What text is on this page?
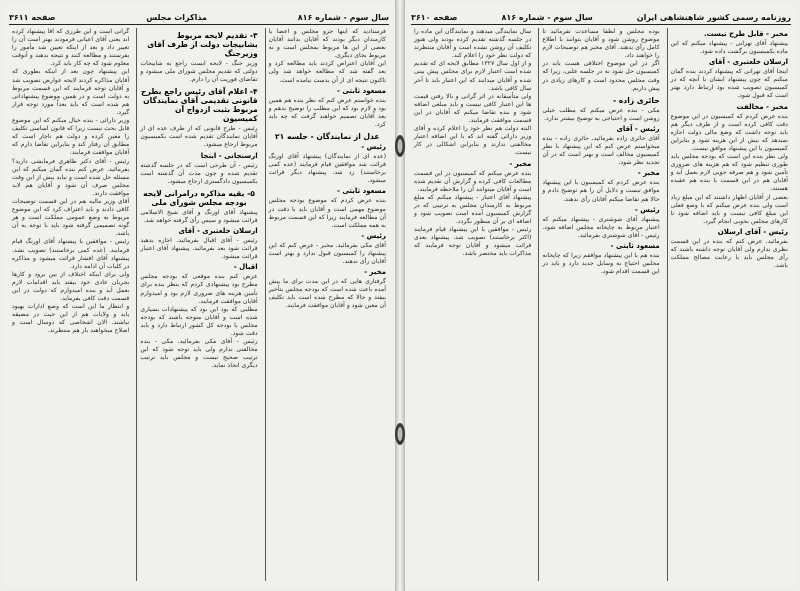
سال سوم - شماره ۸۱۶
مذاکرات مجلس
صفحه ۳۶۱۱

فرستادید که اینها جزو مجلس و اعضا یا کارمندان دیگر بودند که آقایان بدانند آقایان بعضی از این ها مربوط بمجلس است و نه مربوط بجای دیگری.

این آقایان اعتراض کردند باید مطالعه کرد و بعد گفته شد که مطالعه خواهد شد ولی تاکنون نتیجه ای از آن بدست نیامده است.

مسعود ثابتی -

بنده خواستم عرض کنم که نظر بنده هم همین بود و لازم بود که این مطلب را توضیح بدهم و بعد آقایان تصمیم خواهند گرفت که چه باید کرد.

عدل از نمایندگان - جلسه ۲۱
رئیس -

(عده ای از نمایندگان) پیشنهاد آقای اورنگ قرائت شد موافقین قیام فرمایند (عده کمی برخاستند) رد شد. پیشنهاد دیگر قرائت میشود.

مسعود ثابتی -

بنده عرض کردم که موضوع بودجه مجلس موضوع مهمی است و آقایان باید با دقت در آن مطالعه فرمایند زیرا که این قسمت مربوط به همه مملکت است.

رئیس -

آقای مکی بفرمائید. مخبر - عرض کنم که این پیشنهاد را کمیسیون قبول ندارد و بهتر است آقایان رأی ندهند.

مخبر -

گرفتاری هایی که در این مدت برای ما پیش آمده باعث شده است که بودجه مجلس بتأخیر بیفتد و حالا که مطرح شده است باید تکلیف آن معین شود و آقایان موافقت فرمایند.

۳- تقدیم لایحه مربوط بشابیجات دولت از طرف آقای وزیرجنگ

وزیر جنگ - لایحه ایست راجع به شابیجات دولتی که تقدیم مجلس شورای ملی میشود و تقاضای فوریت آن را دارم.

۴- اعلام آقای رئیس راجع بطرح قانونی تقدیمی آقای نمایندگان مربوط بثبت ازدواج آن کمیسیون

رئیس - طرح قانونی که از طرف عده ای از آقایان نمایندگان تقدیم شده است بکمیسیون مربوط ارجاع میشود.

ارسنجانی - اینجا

رئیس - آن طرحی است که در جلسه گذشته تقدیم شده و چون مدت آن گذشته است بکمیسیون دادگستری ارجاع میشود.

۵- بقیه مذاکره درامرانی لایحه بودجه مجلس شورای ملی

پیشنهاد آقای اورنگ و آقای شیخ الاسلامی قرائت میشود و سپس رأی گرفته خواهد شد.

ارسلان خلعتبری - آقای

رئیس - آقای اقبال بفرمائید. اجازه بدهید قرائت شود بعد بفرمائید. پیشنهاد آقای اعتبار قرائت میشود.

اقبال -

عرض کنم بنده موقعی که بودجه مجلس مطرح بود پیشنهادی کردم که بنظر بنده برای تأمین هزینه های ضروری لازم بود و امیدوارم آقایان موافقت فرمایند.

مطلبی که بود این بود که پیشنهادات بسیاری شده است و آقایان متوجه باشند که بودجه مجلس با بودجه کل کشور ارتباط دارد و باید دقت شود.

رئیس - آقای مکی بفرمائید. مکی - بنده مخالفتی ندارم ولی باید توجه شود که این ترتیب صحیح نیست و مجلس باید ترتیب دیگری اتخاذ نماید.

گرانی است و این طرزی که آقا پیشنهاد کرده اند یعنی آقای اعیانی فرمودند بهتر است آن را تغییر داد و بعد از اینکه تعیین شد مأمور را بفرستند و مطالعه کنند و نتیجه بدهند و آنوقت معلوم شود که چه کار باید کرد.

این پیشنهاد چون بعد از اینکه بطوری که آقایان مذاکره کردند لایحه عوارض تصویب شد و آقایان توجه فرمایند که این قسمت مربوط به دولت است و در همین موضوع پیشنهاداتی هم شده است که باید بعداً مورد توجه قرار گیرد.

وزیر دارائی - بنده خیال میکنم که این موضوع قابل بحث نیست زیرا که قانون اساسی تکلیف را معین کرده و دولت هم ناچار است که مطابق آن رفتار کند و بنابراین تقاضا دارم که آقایان موافقت فرمایند.

رئیس - آقای دکتر طاهری فرمایشی دارید؟ بفرمائید. عرض کنم بنده گمان میکنم که این مسئله حل شده است و نباید بیش از این وقت مجلس صرف آن شود و آقایان هم لابد موافقت دارند.

آقای وزیر مالیه هم در این قسمت توضیحات کافی دادند و باید اعتراف کرد که این موضوع مربوط به وضع عمومی مملکت است و هر گونه تصمیمی گرفته شود باید با توجه به آن باشد.

رئیس - موافقین با پیشنهاد آقای اورنگ قیام فرمایند. (عده کمی برخاستند) تصویب نشد. پیشنهاد آقای افشار قرائت میشود و مذاکره در کلیات آن ادامه دارد.

ولی برای اینکه اختلاف از بین برود و کارها بجریان عادی خود بیفتد باید اقدامات لازم بعمل آید و بنده امیدوارم که دولت در این قسمت دقت کافی بفرماید.

و انتظار ما این است که وضع ادارات بهبود یابد و ولایات هم از این حیث در مضیقه نباشند. الان اشخاصی که دوسال است و اصلاح میخواهند باز هم منتظرند.

روزنامه رسمی کشور شاهنشاهی ایران
سال سوم - شماره ۸۱۶
صفحه ۳۶۱۰
مخبر - قابل طرح نیست.

پیشنهاد آقای تهرانی - پیشنهاد میکنم که این ماده بکمیسیون برگشت داده شود.

ارسلان خلعتبری - آقای

اینجا آقای تهرانی که پیشنهاد کردند بنده گمان میکنم که چون پیشنهاد ایشان با آنچه که در کمیسیون تصویب شده بود ارتباط دارد بهتر است که قبول شود.

مخبر - مخالفت

بنده عرض کردم که کمیسیون در این موضوع دقت کافی کرده است و از طرف دیگر هم باید توجه داشت که وضع مالی دولت اجازه نمیدهد که بیش از این هزینه شود و بنابراین کمیسیون با این پیشنهاد موافق نیست.

ولی نظر بنده این است که بودجه مجلس باید طوری تنظیم شود که هم هزینه های ضروری تأمین شود و هم صرفه جویی لازم بعمل آید و آقایان هم در این قسمت با بنده هم عقیده هستند.

بعضی از آقایان اظهار داشتند که این مبلغ زیاد است ولی بنده عرض میکنم که با وضع فعلی این مبلغ کافی نیست و باید اضافه شود تا کارهای مجلس بخوبی انجام گیرد.

رئیس - آقای ارسلان

بفرمائید. عرض کنم که بنده در این قسمت نظری ندارم ولی آقایان توجه داشته باشند که رأی مجلس باید با رعایت مصالح مملکت باشد.

بوده مجلس و لطفا مساعدت تفرمائید تا موضوع روشن شود و آقایان بتوانند با اطلاع کامل رأی بدهند. آقای مخبر هم توضیحات لازم را خواهند داد.

اگر در این موضوع اختلافی هست باید در کمیسیون حل شود نه در جلسه علنی، زیرا که وقت مجلس محدود است و کارهای زیادی در پیش داریم.

حائری زاده -

مکی - بنده عرض میکنم که مطلب خیلی روشن است و احتیاجی به توضیح بیشتر ندارد.

رئیس - آقای

آقای حائری زاده بفرمائید. حائری زاده - بنده میخواستم عرض کنم که این پیشنهاد با نظر کمیسیون مخالف است و بهتر است که در آن تجدید نظر شود.

مخبر -

بنده عرض کردم که کمیسیون با این پیشنهاد موافق نیست و دلایل آن را هم توضیح دادم و حالا هم تقاضا میکنم آقایان رأی ندهند.

رئیس -

پیشنهاد آقای شوشتری - پیشنهاد میکنم که اعتبار مربوط به چاپخانه مجلس اضافه شود. رئیس - آقای شوشتری بفرمائید.

مسعود ثابتی -

بنده هم با این پیشنهاد موافقم زیرا که چاپخانه مجلس احتیاج به وسایل جدید دارد و باید در این قسمت اقدام شود.

سال نمایندگی میدهند و نمایندگان این ماده را در جلسه گذشته تقدیم کرده بودند ولی هنوز تکلیف آن روشن نشده است و آقایان منتظرند که دولت نظر خود را اعلام کند.

و از اول سال ۱۳۲۷ مطابق لایحه ای که تقدیم شده است اعتبار لازم برای مجلس پیش بینی شده و آقایان میدانند که این اعتبار باید تا آخر سال کافی باشد.

ولی متأسفانه در اثر گرانی و بالا رفتن قیمت ها این اعتبار کافی نیست و باید مبلغی اضافه شود و بنده تقاضا میکنم که آقایان در این قسمت موافقت فرمایند.

البته دولت هم نظر خود را اعلام کرده و آقای وزیر دارائی گفته اند که با این اضافه اعتبار مخالفتی ندارند و بنابراین اشکالی در کار نیست.

مخبر -

بنده عرض میکنم که کمیسیون در این قسمت مطالعات کافی کرده و گزارش آن تقدیم شده است و آقایان میتوانند آن را ملاحظه فرمایند.

پیشنهاد آقای اعتبار - پیشنهاد میکنم که مبلغ مربوط به کارمندان مجلس به ترتیبی که در گزارش کمیسیون آمده است تصویب شود و اضافه ای بر آن منظور نگردد.

رئیس - موافقین با این پیشنهاد قیام فرمایند (اکثر برخاستند) تصویب شد. پیشنهاد بعدی قرائت میشود و آقایان توجه فرمایند که مذاکرات باید مختصر باشد.
